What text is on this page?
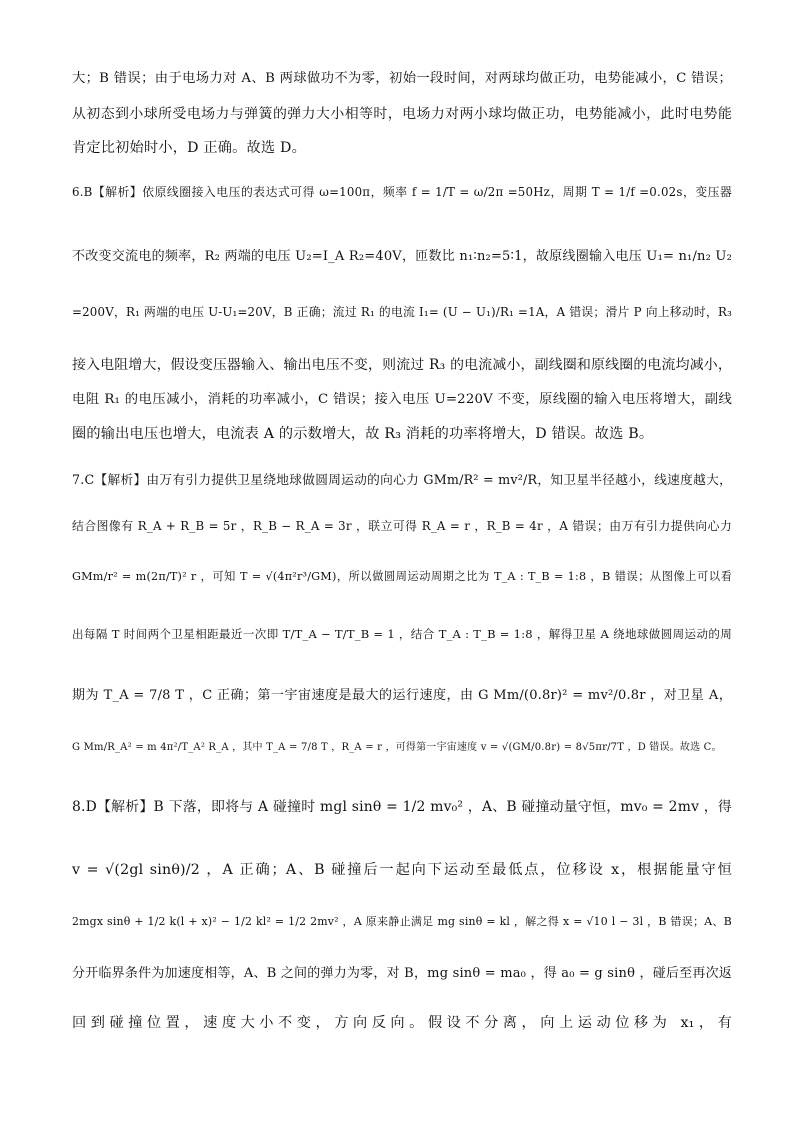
大；B 错误；由于电场力对 A、B 两球做功不为零，初始一段时间，对两球均做正功，电势能减小，C 错误；
从初态到小球所受电场力与弹簧的弹力大小相等时，电场力对两小球均做正功，电势能减小，此时电势能
肯定比初始时小，D 正确。故选 D。
6.B【解析】依原线圈接入电压的表达式可得 ω=100π，频率 f = 1/T = ω/2π =50Hz，周期 T = 1/f =0.02s，变压器
不改变交流电的频率，R₂ 两端的电压 U₂=I_A R₂=40V，匝数比 n₁∶n₂=5∶1，故原线圈输入电压 U₁= n₁/n₂ U₂
=200V，R₁ 两端的电压 U-U₁=20V，B 正确；流过 R₁ 的电流 I₁= (U − U₁)/R₁ =1A，A 错误；滑片 P 向上移动时，R₃
接入电阻增大，假设变压器输入、输出电压不变，则流过 R₃ 的电流减小，副线圈和原线圈的电流均减小，
电阻 R₁ 的电压减小，消耗的功率减小，C 错误；接入电压 U=220V 不变，原线圈的输入电压将增大，副线
圈的输出电压也增大，电流表 A 的示数增大，故 R₃ 消耗的功率将增大，D 错误。故选 B。
7.C【解析】由万有引力提供卫星绕地球做圆周运动的向心力 GMm/R² = mv²/R，知卫星半径越小，线速度越大，
结合图像有 R_A + R_B = 5r ，R_B − R_A = 3r ，联立可得 R_A = r ，R_B = 4r ，A 错误；由万有引力提供向心力
GMm/r² = m(2π/T)² r ，可知 T = √(4π²r³/GM)，所以做圆周运动周期之比为 T_A : T_B = 1:8 ，B 错误；从图像上可以看
出每隔 T 时间两个卫星相距最近一次即 T/T_A − T/T_B = 1 ，结合 T_A : T_B = 1:8 ，解得卫星 A 绕地球做圆周运动的周
期为 T_A = 7/8 T ，C 正确；第一宇宙速度是最大的运行速度，由 G Mm/(0.8r)² = mv²/0.8r ，对卫星 A，
G Mm/R_A² = m 4π²/T_A² R_A ，其中 T_A = 7/8 T ，R_A = r ，可得第一宇宙速度 v = √(GM/0.8r) = 8√5πr/7T ，D 错误。故选 C。
8.D【解析】B 下落，即将与 A 碰撞时 mgl sinθ = 1/2 mv₀² ，A、B 碰撞动量守恒，mv₀ = 2mv ，得
v = √(2gl sinθ)/2 ，A 正确；A、B 碰撞后一起向下运动至最低点，位移设 x，根据能量守恒
2mgx sinθ + 1/2 k(l + x)² − 1/2 kl² = 1/2 2mv² ，A 原来静止满足 mg sinθ = kl ，解之得 x = √10 l − 3l ，B 错误；A、B
分开临界条件为加速度相等，A、B 之间的弹力为零，对 B，mg sinθ = ma₀ ，得 a₀ = g sinθ ，碰后至再次返
回到碰撞位置，速度大小不变，方向反向。假设不分离，向上运动位移为 x₁，有
